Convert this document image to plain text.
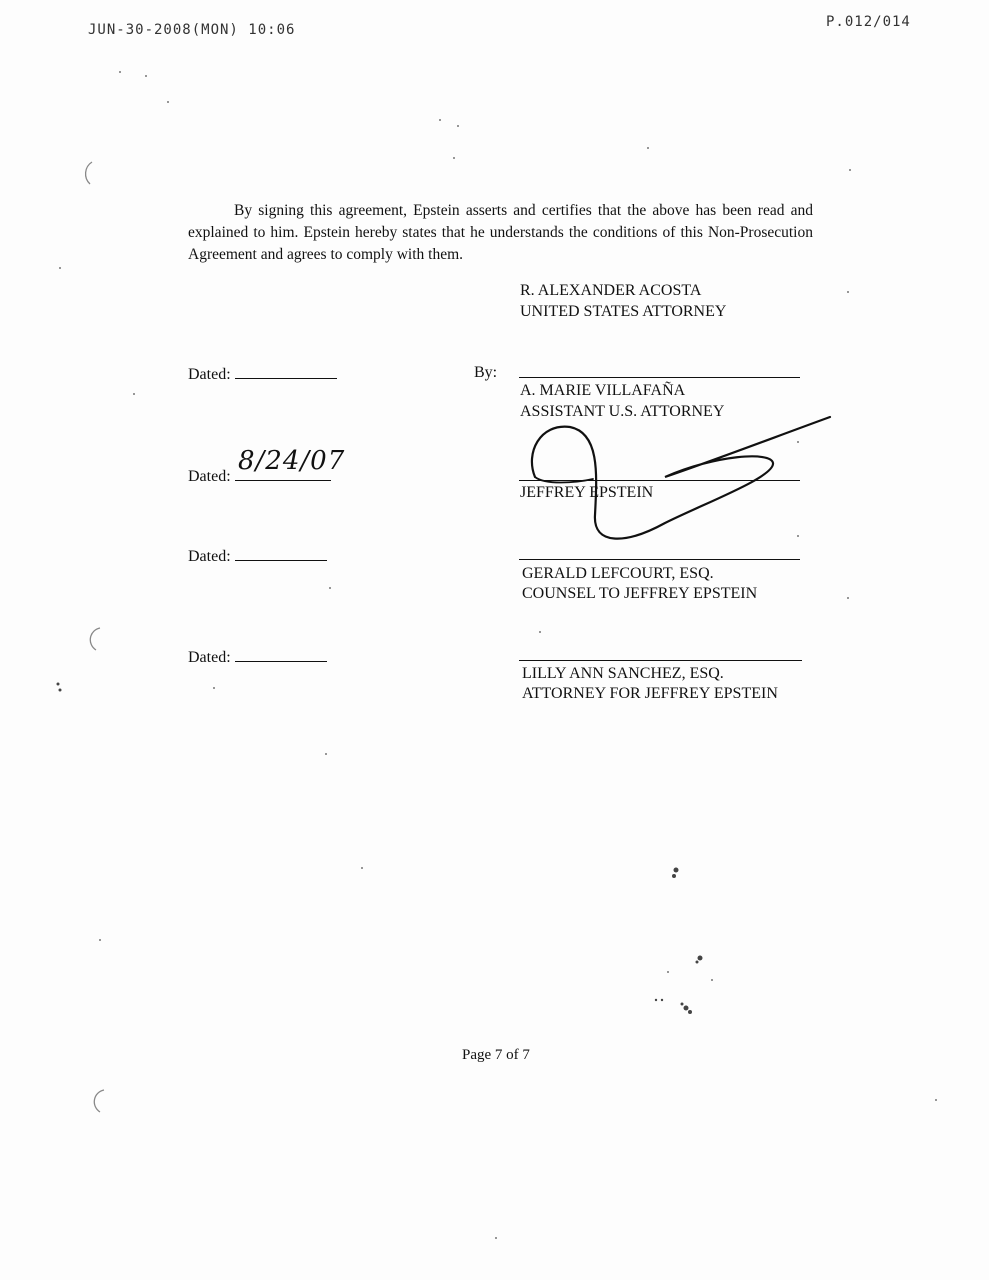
JUN-30-2008(MON) 10:06	P.012/014
By signing this agreement, Epstein asserts and certifies that the above has been read and explained to him. Epstein hereby states that he understands the conditions of this Non-Prosecution Agreement and agrees to comply with them.
R. ALEXANDER ACOSTA
UNITED STATES ATTORNEY
Dated:	By:
A. MARIE VILLAFAÑA
ASSISTANT U.S. ATTORNEY
Dated:
8/24/07
JEFFREY EPSTEIN
Dated:
GERALD LEFCOURT, ESQ.
COUNSEL TO JEFFREY EPSTEIN
Dated:
LILLY ANN SANCHEZ, ESQ.
ATTORNEY FOR JEFFREY EPSTEIN
Page 7 of 7
